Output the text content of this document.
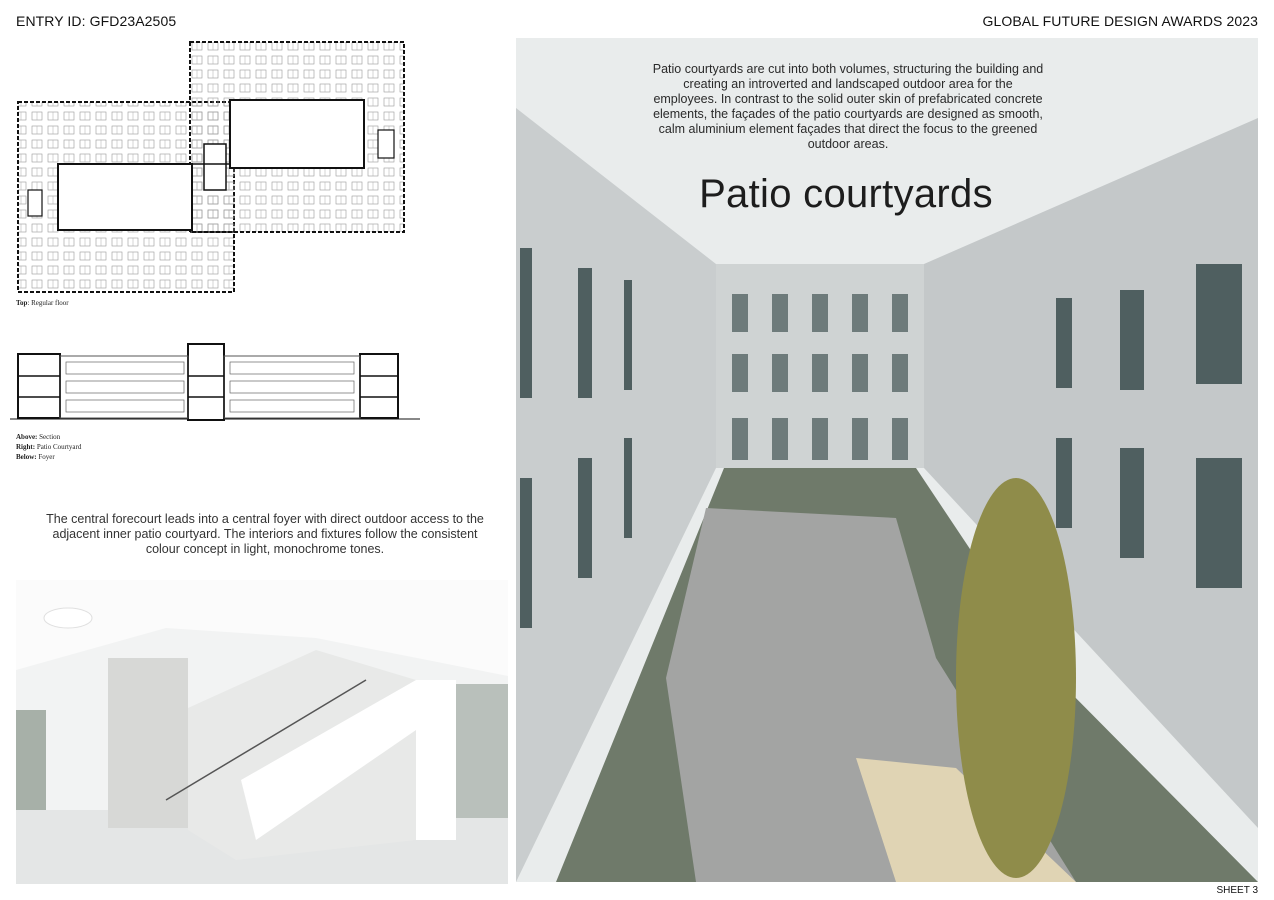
ENTRY ID: GFD23A2505	GLOBAL FUTURE DESIGN AWARDS 2023
Top: Regular floor
Above: Section
Right: Patio Courtyard
Below: Foyer
The central forecourt leads into a central foyer with direct outdoor access to the adjacent inner patio courtyard. The interiors and fixtures follow the consistent colour concept in light, monochrome tones.
Patio courtyards are cut into both volumes, structuring the building and creating an introverted and landscaped outdoor area for the employees. In contrast to the solid outer skin of prefabricated concrete elements, the façades of the patio courtyards are designed as smooth, calm aluminium element façades that direct the focus to the greened outdoor areas.
Patio courtyards
SHEET 3
